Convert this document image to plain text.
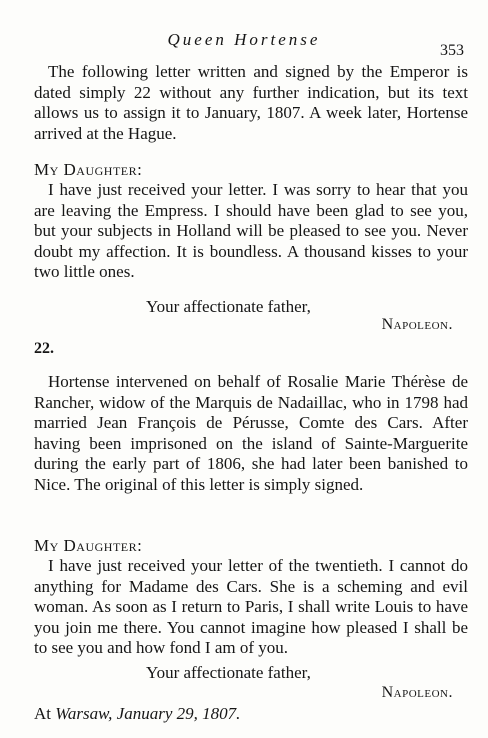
Queen Hortense
353

The following letter written and signed by the Emperor is dated simply 22 without any further indication, but its text allows us to assign it to January, 1807. A week later, Hortense arrived at the Hague.

My Daughter:

I have just received your letter. I was sorry to hear that you are leaving the Empress. I should have been glad to see you, but your subjects in Holland will be pleased to see you. Never doubt my affection. It is boundless. A thousand kisses to your two little ones.

Your affectionate father,
Napoleon.
22.

Hortense intervened on behalf of Rosalie Marie Thérèse de Rancher, widow of the Marquis de Nadaillac, who in 1798 had married Jean François de Pérusse, Comte des Cars. After having been imprisoned on the island of Sainte-Marguerite during the early part of 1806, she had later been banished to Nice. The original of this letter is simply signed.

My Daughter:

I have just received your letter of the twentieth. I cannot do anything for Madame des Cars. She is a scheming and evil woman. As soon as I return to Paris, I shall write Louis to have you join me there. You cannot imagine how pleased I shall be to see you and how fond I am of you.

Your affectionate father,
Napoleon.
At Warsaw, January 29, 1807.
